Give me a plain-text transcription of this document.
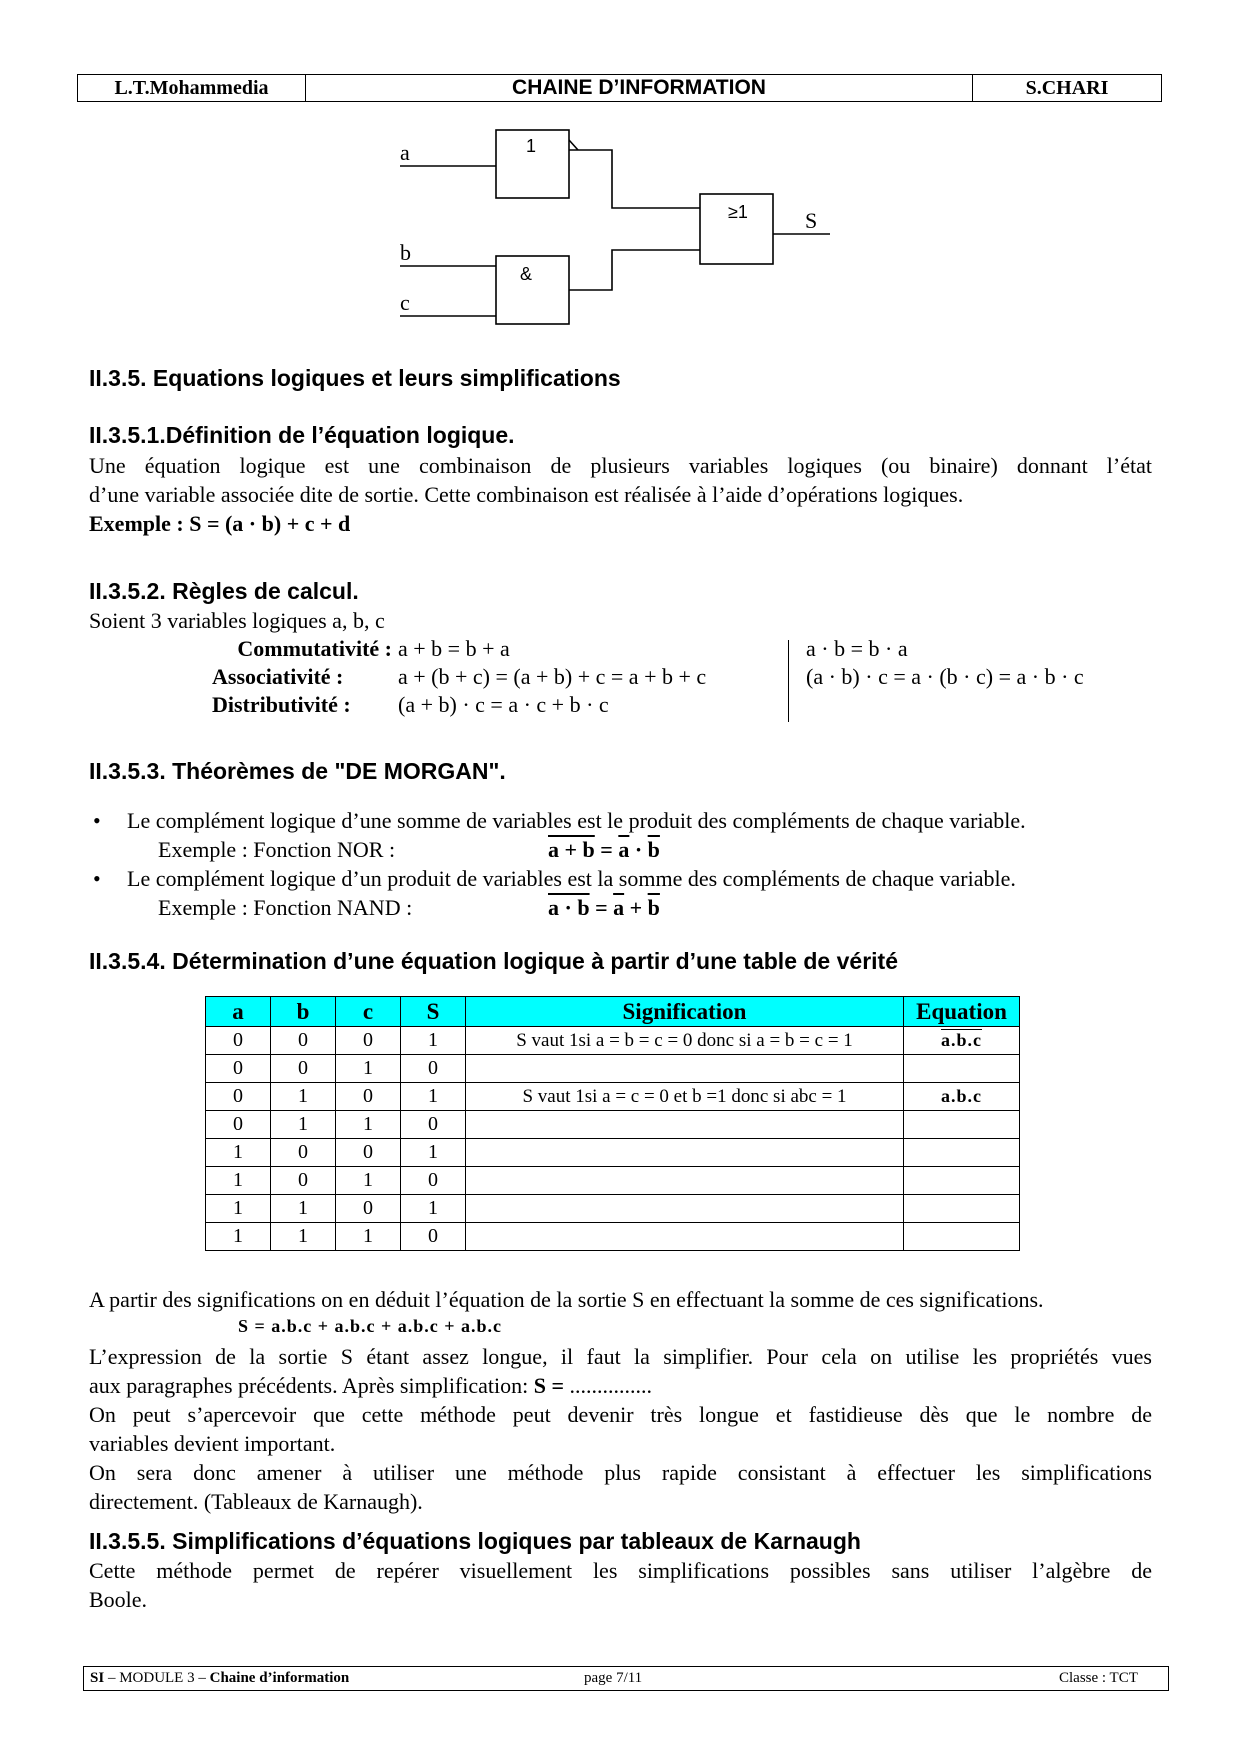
L.T.Mohammedia	CHAINE D’INFORMATION	S.CHARI
a
b
c
1
&
≥1	S
II.3.5. Equations logiques et leurs simplifications
II.3.5.1.Définition de l’équation logique.
Une équation logique est une combinaison de plusieurs variables logiques (ou binaire) donnant l’état
d’une variable associée dite de sortie. Cette combinaison est réalisée à l’aide d’opérations logiques.
Exemple : S = (a · b) + c + d
II.3.5.2. Règles de calcul.
Soient 3 variables logiques a, b, c
Commutativité : a + b = b + a	a · b = b · a
Associativité :	a + (b + c) = (a + b) + c = a + b + c	(a · b) · c = a · (b · c) = a · b · c
Distributivité :	(a + b) · c = a · c + b · c
II.3.5.3. Théorèmes de "DE MORGAN".
• Le complément logique d’une somme de variables est le produit des compléments de chaque variable.
Exemple : Fonction NOR :	$a + b = \overline{a} \cdot \overline{b}$
• Le complément logique d’un produit de variables est la somme des compléments de chaque variable.
Exemple : Fonction NAND :	$a \cdot b = \overline{a} + \overline{b}$
II.3.5.4. Détermination d’une équation logique à partir d’une table de vérité
a	b	c	S	Signification	Equation
0	0	0	1	S vaut 1si a = b = c = 0 donc si a = b = c = 1	a.b.c
0	0	1	0		
0	1	0	1	S vaut 1si a = c = 0 et b =1 donc si abc = 1	a.b.c
0	1	1	0		
1	0	0	1		
1	0	1	0		
1	1	0	1		
1	1	1	0		
A partir des significations on en déduit l’équation de la sortie S en effectuant la somme de ces significations.
S = a.b.c + a.b.c + a.b.c + a.b.c
L’expression de la sortie S étant assez longue, il faut la simplifier. Pour cela on utilise les propriétés vues
aux paragraphes précédents. Après simplification: S = ...............
On peut s’apercevoir que cette méthode peut devenir très longue et fastidieuse dès que le nombre de
variables devient important.
On sera donc amener à utiliser une méthode plus rapide consistant à effectuer les simplifications
directement. (Tableaux de Karnaugh).
II.3.5.5. Simplifications d’équations logiques par tableaux de Karnaugh
Cette méthode permet de repérer visuellement les simplifications possibles sans utiliser l’algèbre de
Boole.
SI – MODULE 3 – Chaine d’information	page 7/11	Classe : TCT
